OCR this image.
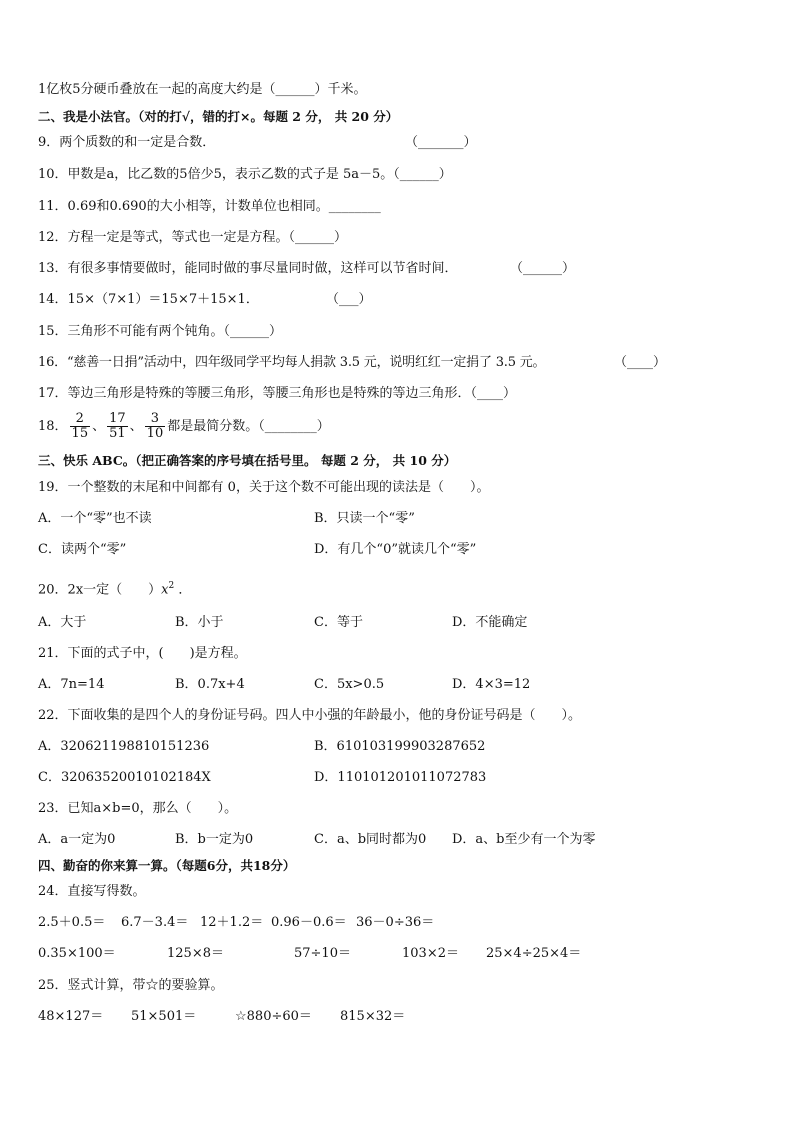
1亿枚5分硬币叠放在一起的高度大约是（______）千米。
二、我是小法官。（对的打√，错的打×。每题 2 分， 共 20 分）
9．两个质数的和一定是合数．	（_______）
10．甲数是a，比乙数的5倍少5，表示乙数的式子是 5a－5。（______）
11．0.69和0.690的大小相等，计数单位也相同。________
12．方程一定是等式，等式也一定是方程。（______）
13．有很多事情要做时，能同时做的事尽量同时做，这样可以节省时间．	（______）
14．15×（7×1）＝15×7＋15×1．	（___）
15．三角形不可能有两个钝角。（______）
16．“慈善一日捐”活动中，四年级同学平均每人捐款 3.5 元，说明红红一定捐了 3.5 元。	（____）
17．等边三角形是特殊的等腰三角形，等腰三角形也是特殊的等边三角形．（____）
18． $\frac{2}{15}$ 、 $\frac{17}{51}$ 、 $\frac{3}{10}$ 都是最简分数。（________）
三、快乐 ABC。（把正确答案的序号填在括号里。 每题 2 分， 共 10 分）
19．一个整数的末尾和中间都有 0，关于这个数不可能出现的读法是（　　）。
A．一个“零”也不读	B．只读一个“零”
C．读两个“零”	D．有几个“0”就读几个“零”
20．2x一定（　　）$x^2$ ．
A．大于	B．小于	C．等于	D．不能确定
21．下面的式子中，(　　)是方程。
A．7n=14	B．0.7x+4	C．5x>0.5	D．4×3=12
22．下面收集的是四个人的身份证号码。四人中小强的年龄最小，他的身份证号码是（　　）。
A．320621198810151236	B．610103199903287652
C．32063520010102184X	D．110101201011072783
23．已知a×b=0，那么（　　）。
A．a一定为0	B．b一定为0	C．a、b同时都为0 D．a、b至少有一个为零
四、勤奋的你来算一算。（每题6分，共18分）
24．直接写得数。
2.5＋0.5＝ 6.7－3.4＝ 12＋1.2＝ 0.96－0.6＝ 36－0÷36＝
0.35×100＝	125×8＝	57÷10＝	103×2＝ 25×4÷25×4＝
25．竖式计算，带☆的要验算。
48×127＝ 51×501＝	☆880÷60＝ 815×32＝
